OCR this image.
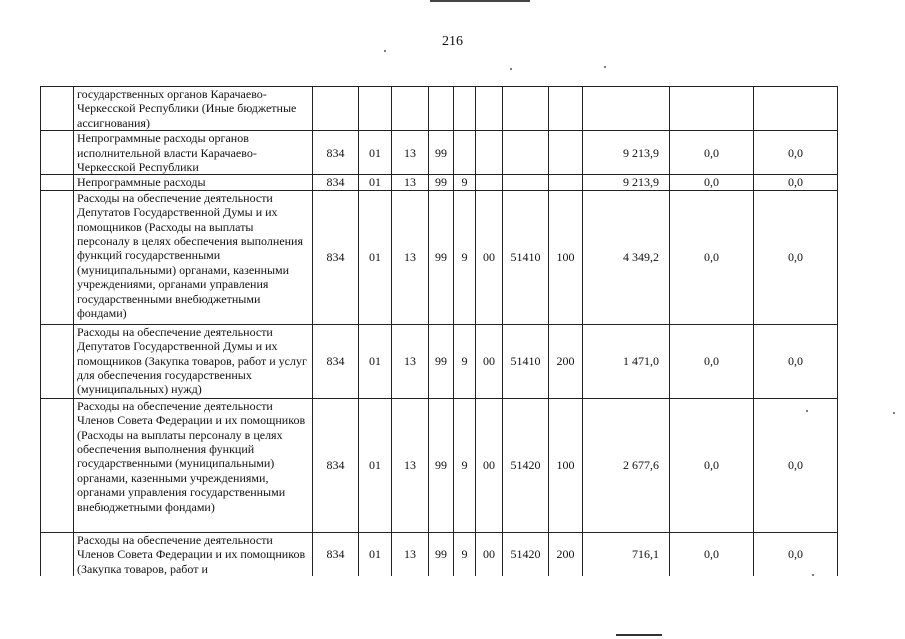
216
	государственных органов Карачаево-Черкесской Республики (Иные бюджетные ассигнования)											
	Непрограммные расходы органов исполнительной власти Карачаево-Черкесской Республики	834	01	13	99					9 213,9	0,0	0,0
	Непрограммные расходы	834	01	13	99	9				9 213,9	0,0	0,0
	Расходы на обеспечение деятельности Депутатов Государственной Думы и их помощников (Расходы на выплаты персоналу в целях обеспечения выполнения функций государственными (муниципальными) органами, казенными учреждениями, органами управления государственными внебюджетными фондами)	834	01	13	99	9	00	51410	100	4 349,2	0,0	0,0
	Расходы на обеспечение деятельности Депутатов Государственной Думы и их помощников (Закупка товаров, работ и услуг для обеспечения государственных (муниципальных) нужд)	834	01	13	99	9	00	51410	200	1 471,0	0,0	0,0
	Расходы на обеспечение деятельности Членов Совета Федерации и их помощников (Расходы на выплаты персоналу в целях обеспечения выполнения функций государственными (муниципальными) органами, казенными учреждениями, органами управления государственными внебюджетными фондами)	834	01	13	99	9	00	51420	100	2 677,6	0,0	0,0
	Расходы на обеспечение деятельности Членов Совета Федерации и их помощников (Закупка товаров, работ и	834	01	13	99	9	00	51420	200	716,1	0,0	0,0
